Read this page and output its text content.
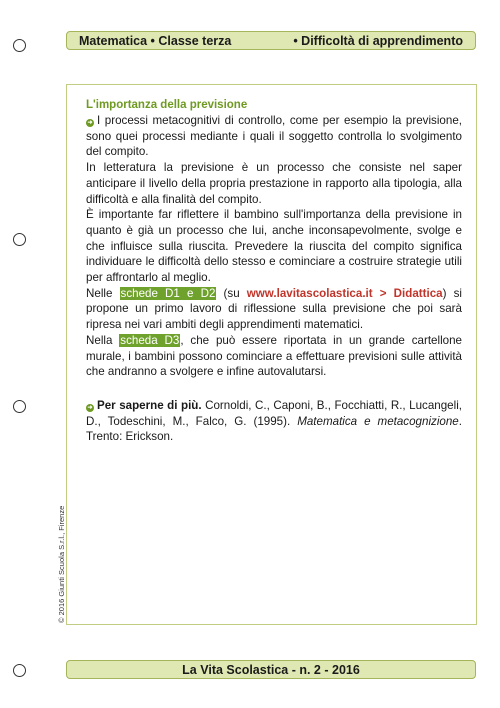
Matematica • Classe terza	• Difficoltà di apprendimento

L'importanza della previsione

➜ I processi metacognitivi di controllo, come per esempio la previsione, sono quei processi mediante i quali il soggetto controlla lo svolgimento del compito.

In letteratura la previsione è un processo che consiste nel saper anticipare il livello della propria prestazione in rapporto alla tipologia, alla difficoltà e alla finalità del compito.

È importante far riflettere il bambino sull'importanza della previsione in quanto è già un processo che lui, anche inconsapevolmente, svolge e che influisce sulla riuscita. Prevedere la riuscita del compito significa individuare le difficoltà dello stesso e cominciare a costruire strategie utili per affrontarlo al meglio.

Nelle schede D1 e D2 (su www.lavitascolastica.it > Didattica) si propone un primo lavoro di riflessione sulla previsione che poi sarà ripresa nei vari ambiti degli apprendimenti matematici.

Nella scheda D3, che può essere riportata in un grande cartellone murale, i bambini possono cominciare a effettuare previsioni sulle attività che andranno a svolgere e infine autovalutarsi.

➜ Per saperne di più. Cornoldi, C., Caponi, B., Focchiatti, R., Lucangeli, D., Todeschini, M., Falco, G. (1995). Matematica e metacognizione. Trento: Erickson.

© 2016 Giunti Scuola S.r.l., Firenze
La Vita Scolastica - n. 2 - 2016
